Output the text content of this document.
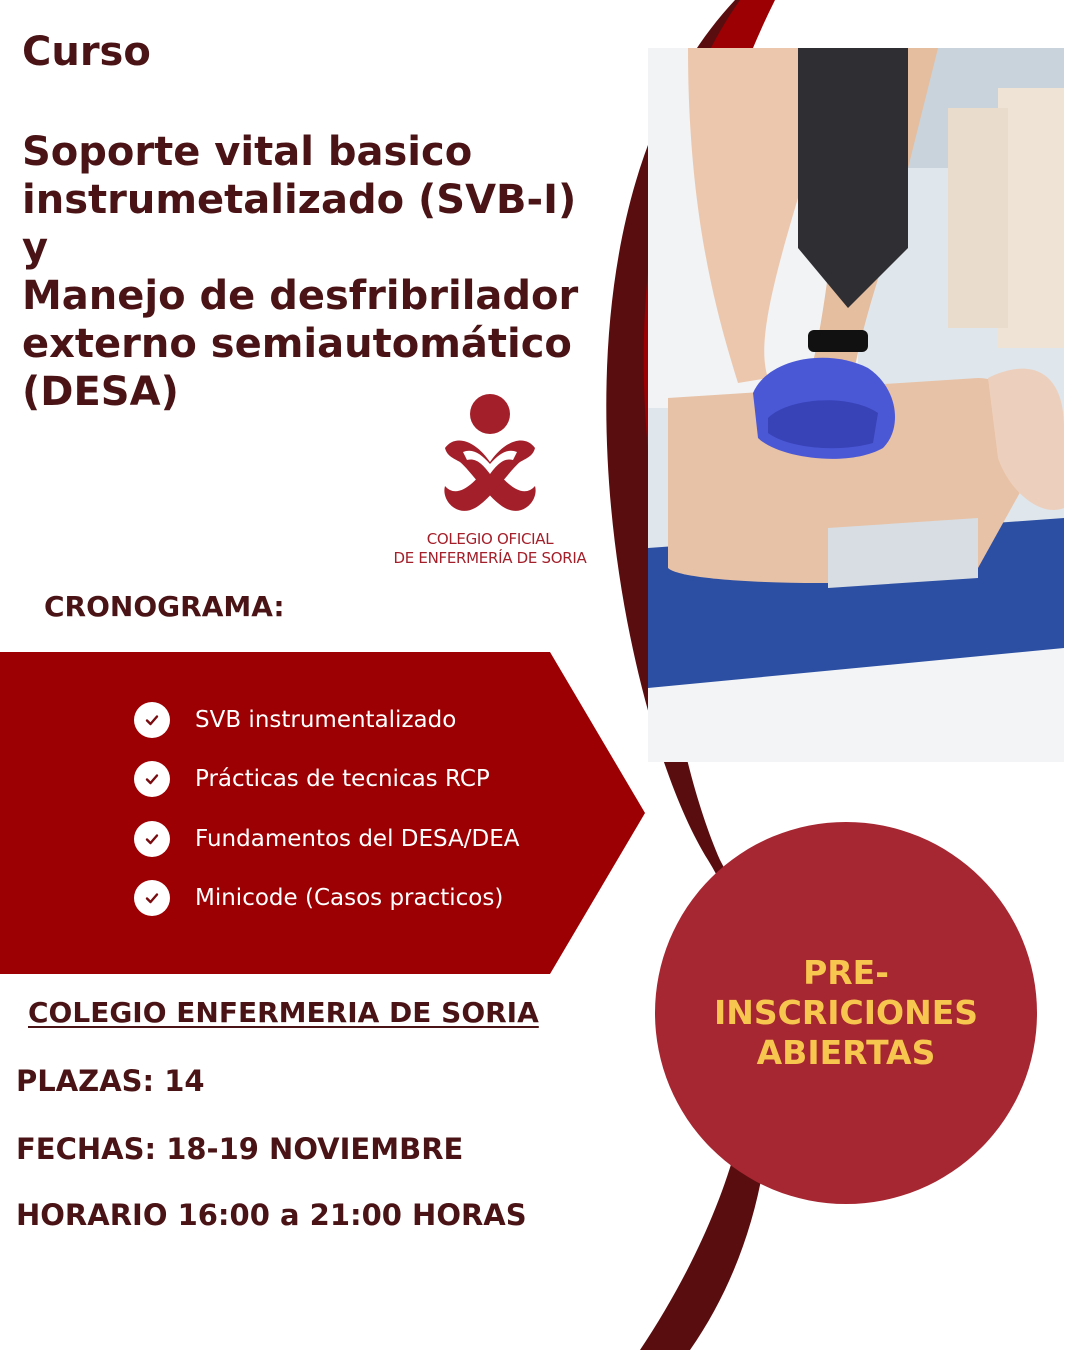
Curso
Soporte vital basico
instrumetalizado (SVB-I)
y
Manejo de desfribrilador
externo semiautomático
(DESA)
COLEGIO OFICIAL
DE ENFERMERÍA DE SORIA
CRONOGRAMA:
SVB instrumentalizado
Prácticas de tecnicas RCP
Fundamentos del DESA/DEA
Minicode (Casos practicos)
COLEGIO ENFERMERIA DE SORIA
PLAZAS: 14
FECHAS: 18-19 NOVIEMBRE
HORARIO 16:00 a 21:00 HORAS
PRE-
INSCRICIONES
ABIERTAS
